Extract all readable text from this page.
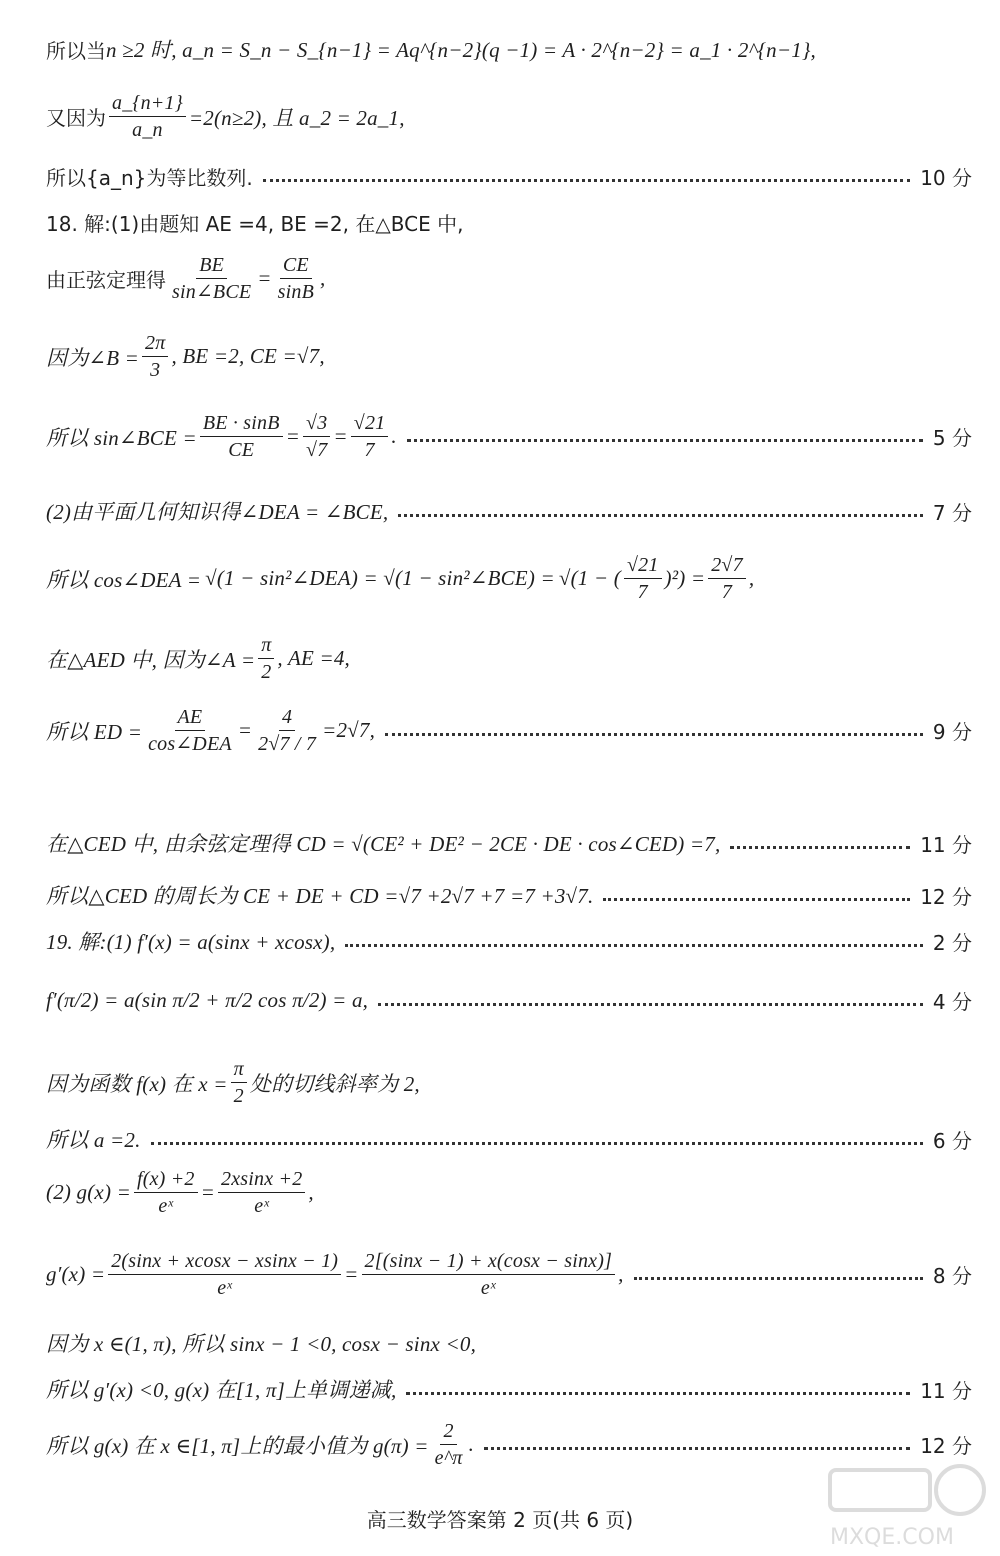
所以当 n ≥2 时, a_n = S_n − S_{n−1} = Aq^{n−2}(q −1) = A · 2^{n−2} = a_1 · 2^{n−1},
又因为 $\frac{a\_\{n+1\}}{a\_n} =2(n\ge 2)$, 且 a_2 = 2a_1,
所以{a_n}为等比数列.	10 分
18. 解:(1)由题知 AE =4, BE =2, 在△BCE 中,
由正弦定理得 $\frac{BE}{\text{sin∠BCE}} = \frac{CE}{\sin B}$ ,
因为∠B = $\frac{2\pi}{3}$ , BE =2, CE =√7,
所以 sin∠BCE = $\frac{BE \cdot \sin B}{CE} = \frac{√3}{√7} = \frac{√21}{7}$ .	5 分
(2)由平面几何知识得∠DEA = ∠BCE,	7 分
所以 cos∠DEA = √(1 − sin²∠DEA) = √(1 − sin²∠BCE) = √(1 − ( $\frac{√21}{7} )^2) = \frac{2√7}{7}$ ,
在△AED 中, 因为∠A = $\frac{\pi}{2}$ , AE =4,
所以 ED = $\frac{AE}{\text{cos∠DEA}} = \frac{4}{2√7 / 7} =2√7$,	9 分
在△CED 中, 由余弦定理得 CD = √(CE² + DE² − 2CE · DE · cos∠CED) =7,	11 分
所以△CED 的周长为 CE + DE + CD =√7 +2√7 +7 =7 +3√7.	12 分
19. 解:(1) f′(x) = a(sinx + xcosx),	2 分
f′(π/2) = a(sin π/2 + π/2 cos π/2) = a,	4 分
因为函数 f(x) 在 $x = \frac{\pi}{2}$ 处的切线斜率为 2,
所以 a =2.	6 分
(2) $g(x) = \frac{f(x) +2}{\text{eˣ}} = \frac{2xsinx +2}{\text{eˣ}}$ ,
$g'(x) = \frac{2(\sin x + xcosx - xsinx - 1)}{\text{eˣ}} = \frac{2[(\sin x - 1) + x(\cos x - \sin x)]}{\text{eˣ}}$ ,	8 分
因为 x ∈(1, π), 所以 sinx − 1 <0, cosx − sinx <0,
所以 g′(x) <0, g(x) 在[1, π]上单调递减,	11 分
所以 g(x) 在 x ∈[1, π]上的最小值为 $g(\pi) = \frac{2}{e\^{}\pi}$ .	12 分
高三数学答案第 2 页(共 6 页)
MXQE.COM
